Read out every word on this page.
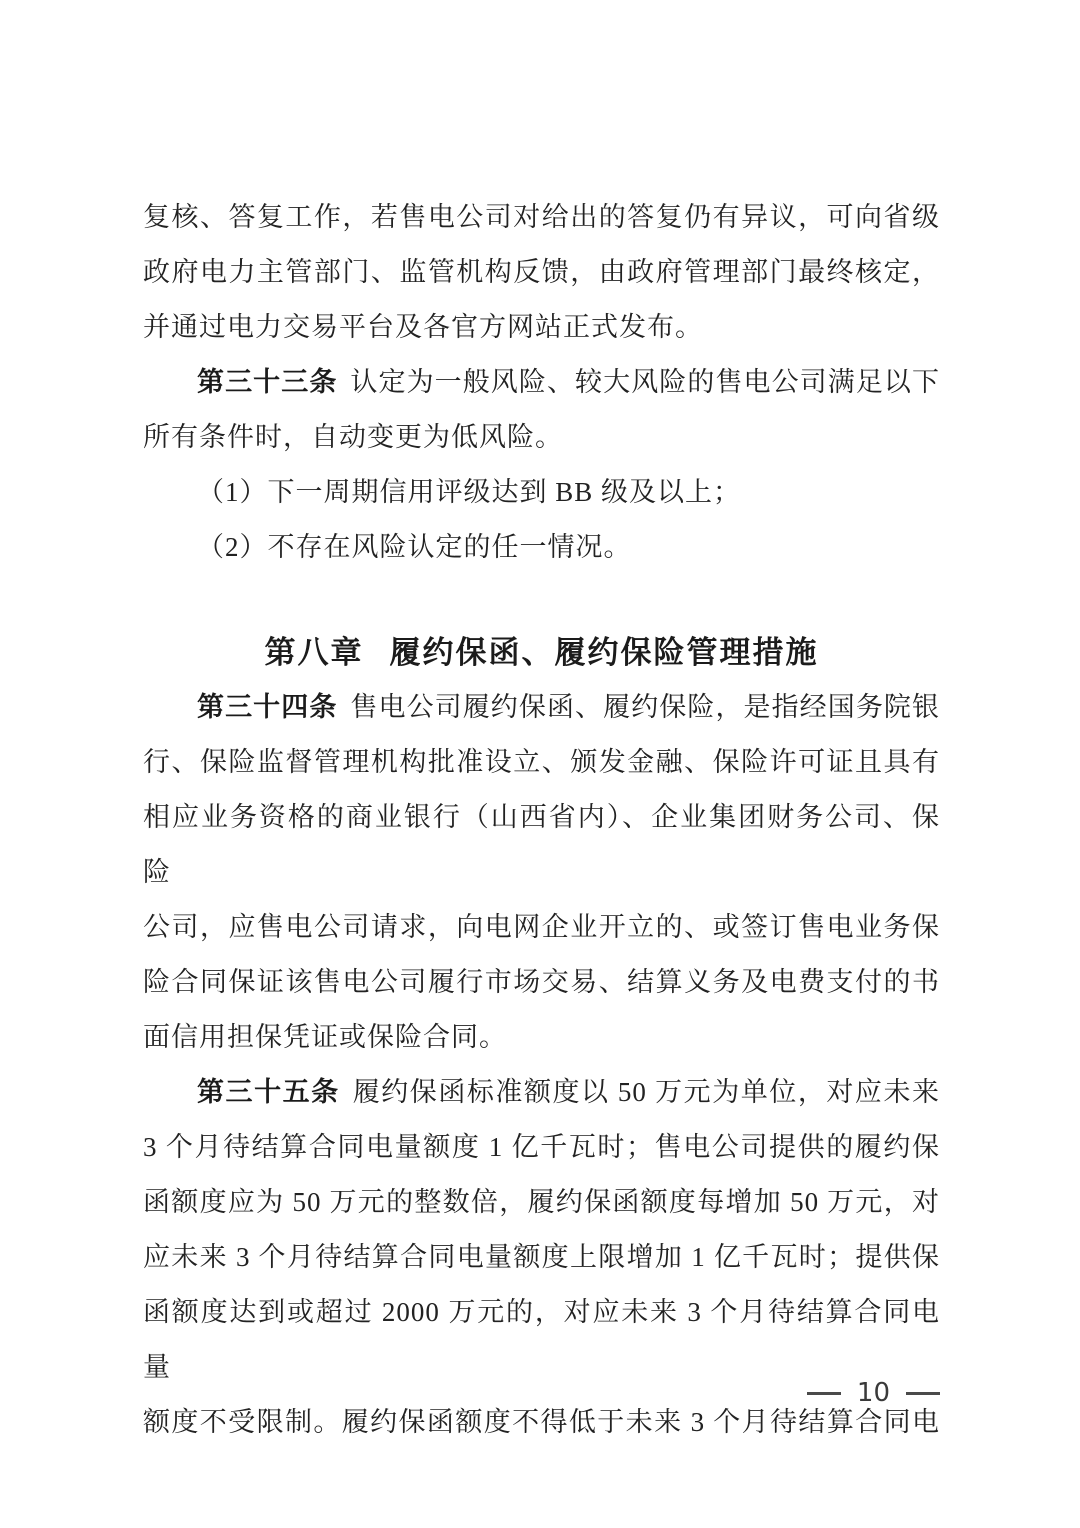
复核、答复工作，若售电公司对给出的答复仍有异议，可向省级
政府电力主管部门、监管机构反馈，由政府管理部门最终核定，
并通过电力交易平台及各官方网站正式发布。
第三十三条 认定为一般风险、较大风险的售电公司满足以下
所有条件时，自动变更为低风险。
（1）下一周期信用评级达到 BB 级及以上；
（2）不存在风险认定的任一情况。
第八章 履约保函、履约保险管理措施
第三十四条 售电公司履约保函、履约保险，是指经国务院银
行、保险监督管理机构批准设立、颁发金融、保险许可证且具有
相应业务资格的商业银行（山西省内）、企业集团财务公司、保险
公司，应售电公司请求，向电网企业开立的、或签订售电业务保
险合同保证该售电公司履行市场交易、结算义务及电费支付的书
面信用担保凭证或保险合同。
第三十五条 履约保函标准额度以 50 万元为单位，对应未来
3 个月待结算合同电量额度 1 亿千瓦时；售电公司提供的履约保
函额度应为 50 万元的整数倍，履约保函额度每增加 50 万元，对
应未来 3 个月待结算合同电量额度上限增加 1 亿千瓦时；提供保
函额度达到或超过 2000 万元的，对应未来 3 个月待结算合同电量
额度不受限制。履约保函额度不得低于未来 3 个月待结算合同电
10
